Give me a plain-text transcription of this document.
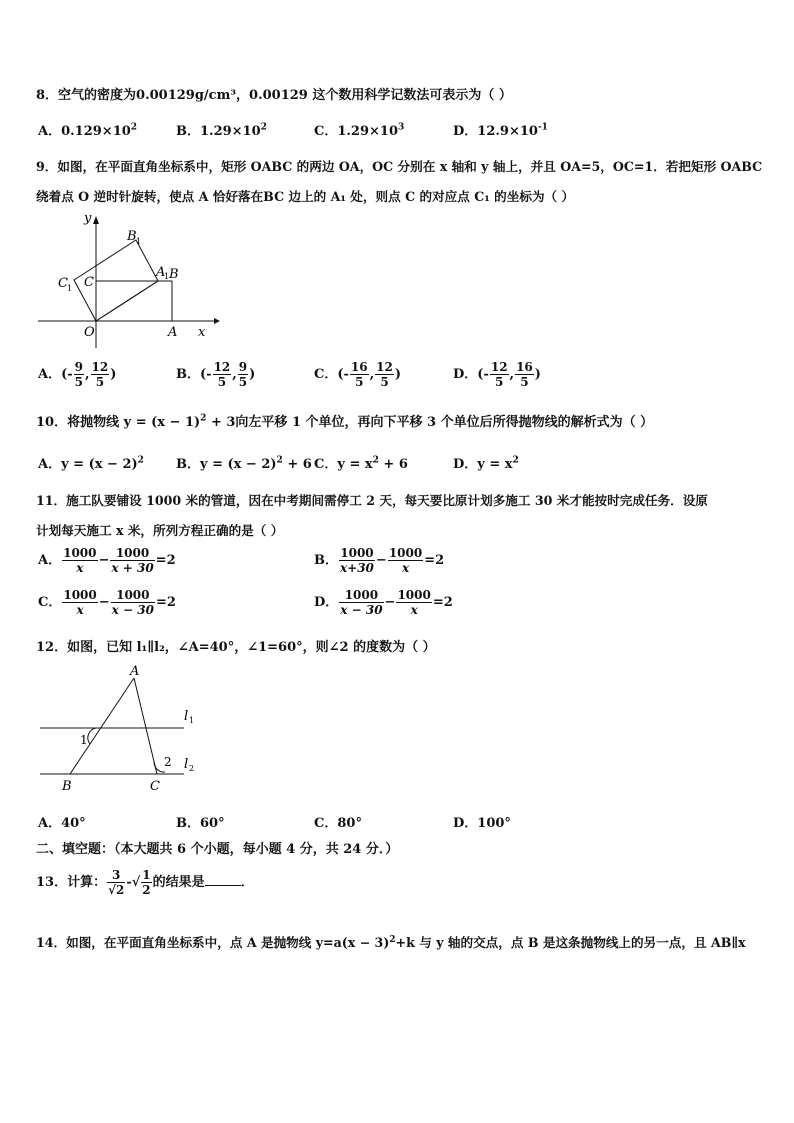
8．空气的密度为0.00129g/cm³，0.00129 这个数用科学记数法可表示为（ ）
A．$0.129\times 10^2$	B．$1.29\times 10^2$	C．$1.29\times 10^3$	D．$12.9\times 10^{-1}$
9．如图，在平面直角坐标系中，矩形 OABC 的两边 OA，OC 分别在 x 轴和 y 轴上，并且 OA=5，OC=1．若把矩形 OABC
绕着点 O 逆时针旋转，使点 A 恰好落在BC 边上的 A₁ 处，则点 C 的对应点 C₁ 的坐标为（ ）
y
x
O	A
B
C
A
1
B 1
C 1
A．(- $\frac{9}{5}$ , $\frac{12}{5}$ )	B．(- $\frac{12}{5}$ , $\frac{9}{5}$ )	C．(- $\frac{16}{5}$ , $\frac{12}{5}$ )	D．(- $\frac{12}{5}$ , $\frac{16}{5}$ )
10．将抛物线 $y = (x - 1)^2 + 3$向左平移 1 个单位，再向下平移 3 个单位后所得抛物线的解析式为（ ）
A．$y = (x - 2)^2$ B．$y = (x - 2)^2 + 6$ C．$y = x^2 + 6$	D．$y = x^2$
11．施工队要铺设 1000 米的管道，因在中考期间需停工 2 天，每天要比原计划多施工 30 米才能按时完成任务．设原
计划每天施工 x 米，所列方程正确的是（ ）
A． $\frac{1000}{x} - \frac{1000}{x + 30} =2$	B． $\frac{1000}{x+30} - \frac{1000}{x} =2$
C． $\frac{1000}{x} - \frac{1000}{x - 30} =2$	D． $\frac{1000}{x - 30} - \frac{1000}{x} =2$
12．如图，已知 l₁∥l₂，∠A=40°，∠1=60°，则∠2 的度数为（ ）
A
B	C
1
2
l 1
l 2
A．40°	B．60°	C．80°	D．100°
二、填空题：（本大题共 6 个小题，每小题 4 分，共 24 分．）
13．计算： $\frac{3}{√2}$ -√ $\frac{1}{2}$ 的结果是	．
14．如图，在平面直角坐标系中，点 A 是抛物线 $y=a(x - 3)^2+k$ 与 y 轴的交点，点 B 是这条抛物线上的另一点，且 AB∥x
